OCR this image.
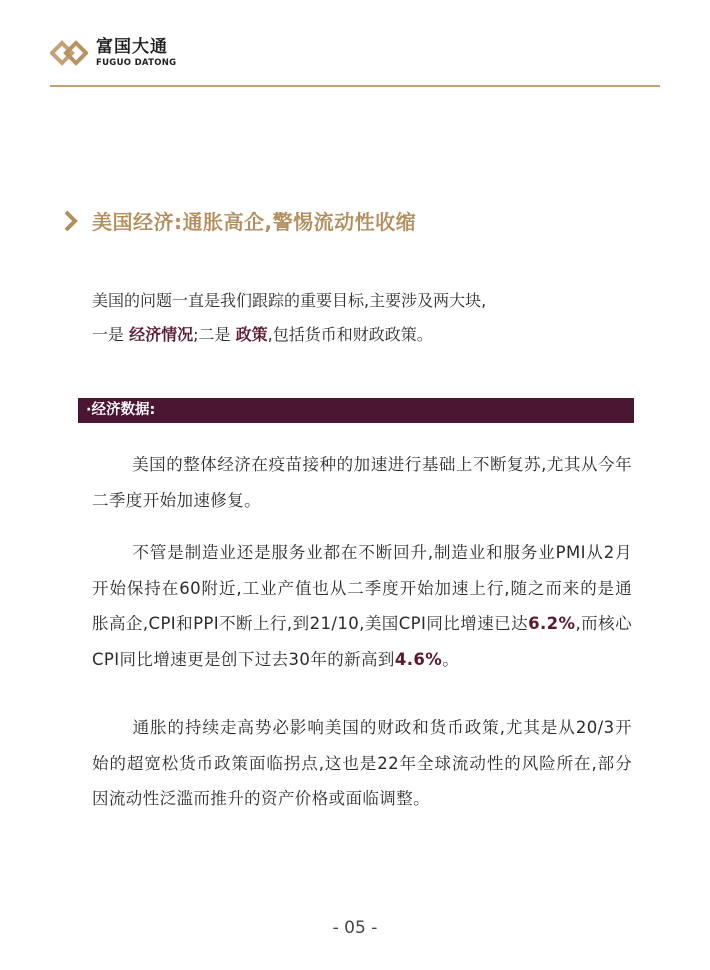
富国大通
FUGUO DATONG
美国经济:通胀高企,警惕流动性收缩
美国的问题一直是我们跟踪的重要目标,主要涉及两大块,
一是 经济情况;二是 政策,包括货币和财政政策。
·经济数据:
美国的整体经济在疫苗接种的加速进行基础上不断复苏,尤其从今年二季度开始加速修复。
不管是制造业还是服务业都在不断回升,制造业和服务业PMI从2月开始保持在60附近,工业产值也从二季度开始加速上行,随之而来的是通胀高企,CPI和PPI不断上行,到21/10,美国CPI同比增速已达6.2%,而核心CPI同比增速更是创下过去30年的新高到4.6%。
通胀的持续走高势必影响美国的财政和货币政策,尤其是从20/3开始的超宽松货币政策面临拐点,这也是22年全球流动性的风险所在,部分因流动性泛滥而推升的资产价格或面临调整。
- 05 -
